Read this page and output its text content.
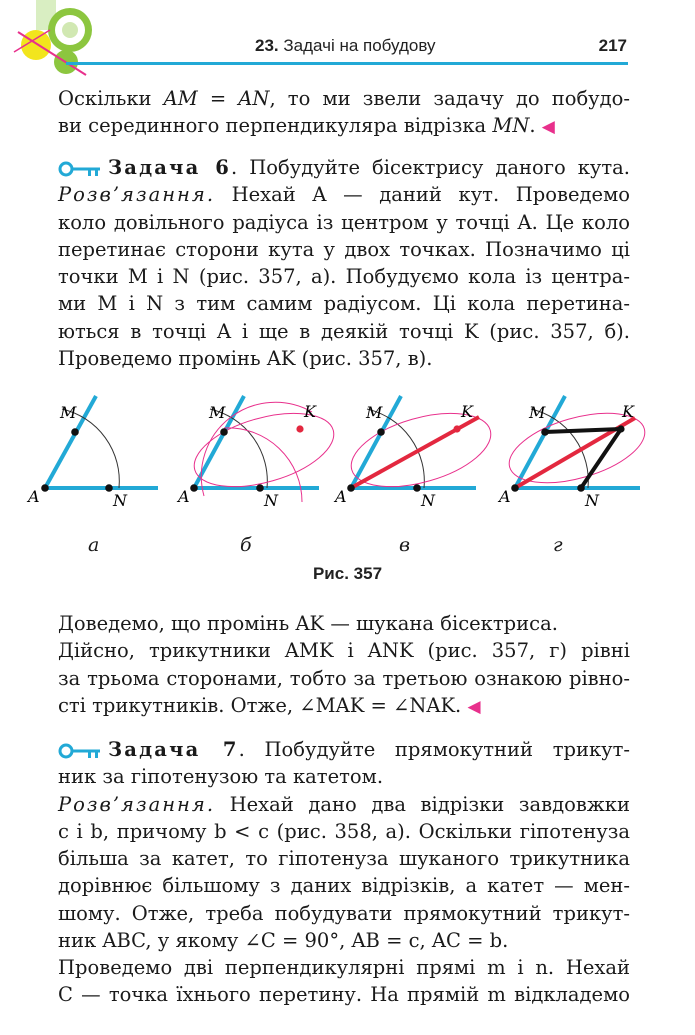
23. Задачі на побудову	217

Оскільки AM = AN, то ми звели задачу до побудо-

ви серединного перпендикуляра відрізка MN. ◀

Задача 6. Побудуйте бісектрису даного кута.

Розв’язання. Нехай A — даний кут. Проведемо

коло довільного радіуса із центром у точці A. Це коло

перетинає сторони кута у двох точках. Позначимо ці

точки M і N (рис. 357, а). Побудуємо кола із центра-

ми M і N з тим самим радіусом. Ці кола перетина-

ються в точці A і ще в деякій точці K (рис. 357, б).

Проведемо промінь AK (рис. 357, в).

A
M
N	A
M
N
K
A
M
N
K
A
M
N
K
а	б	в	г
Рис. 357

Доведемо, що промінь AK — шукана бісектриса.

Дійсно, трикутники AMK і ANK (рис. 357, г) рівні

за трьома сторонами, тобто за третьою ознакою рівно-

сті трикутників. Отже, ∠MAK = ∠NAK. ◀

Задача 7. Побудуйте прямокутний трикут-

ник за гіпотенузою та катетом.

Розв’язання. Нехай дано два відрізки завдовжки

c і b, причому b < c (рис. 358, а). Оскільки гіпотенуза

більша за катет, то гіпотенуза шуканого трикутника

дорівнює більшому з даних відрізків, а катет — мен-

шому. Отже, треба побудувати прямокутний трикут-

ник ABC, у якому ∠C = 90°, AB = c, AC = b.

Проведемо дві перпендикулярні прямі m і n. Нехай

C — точка їхнього перетину. На прямій m відкладемо
